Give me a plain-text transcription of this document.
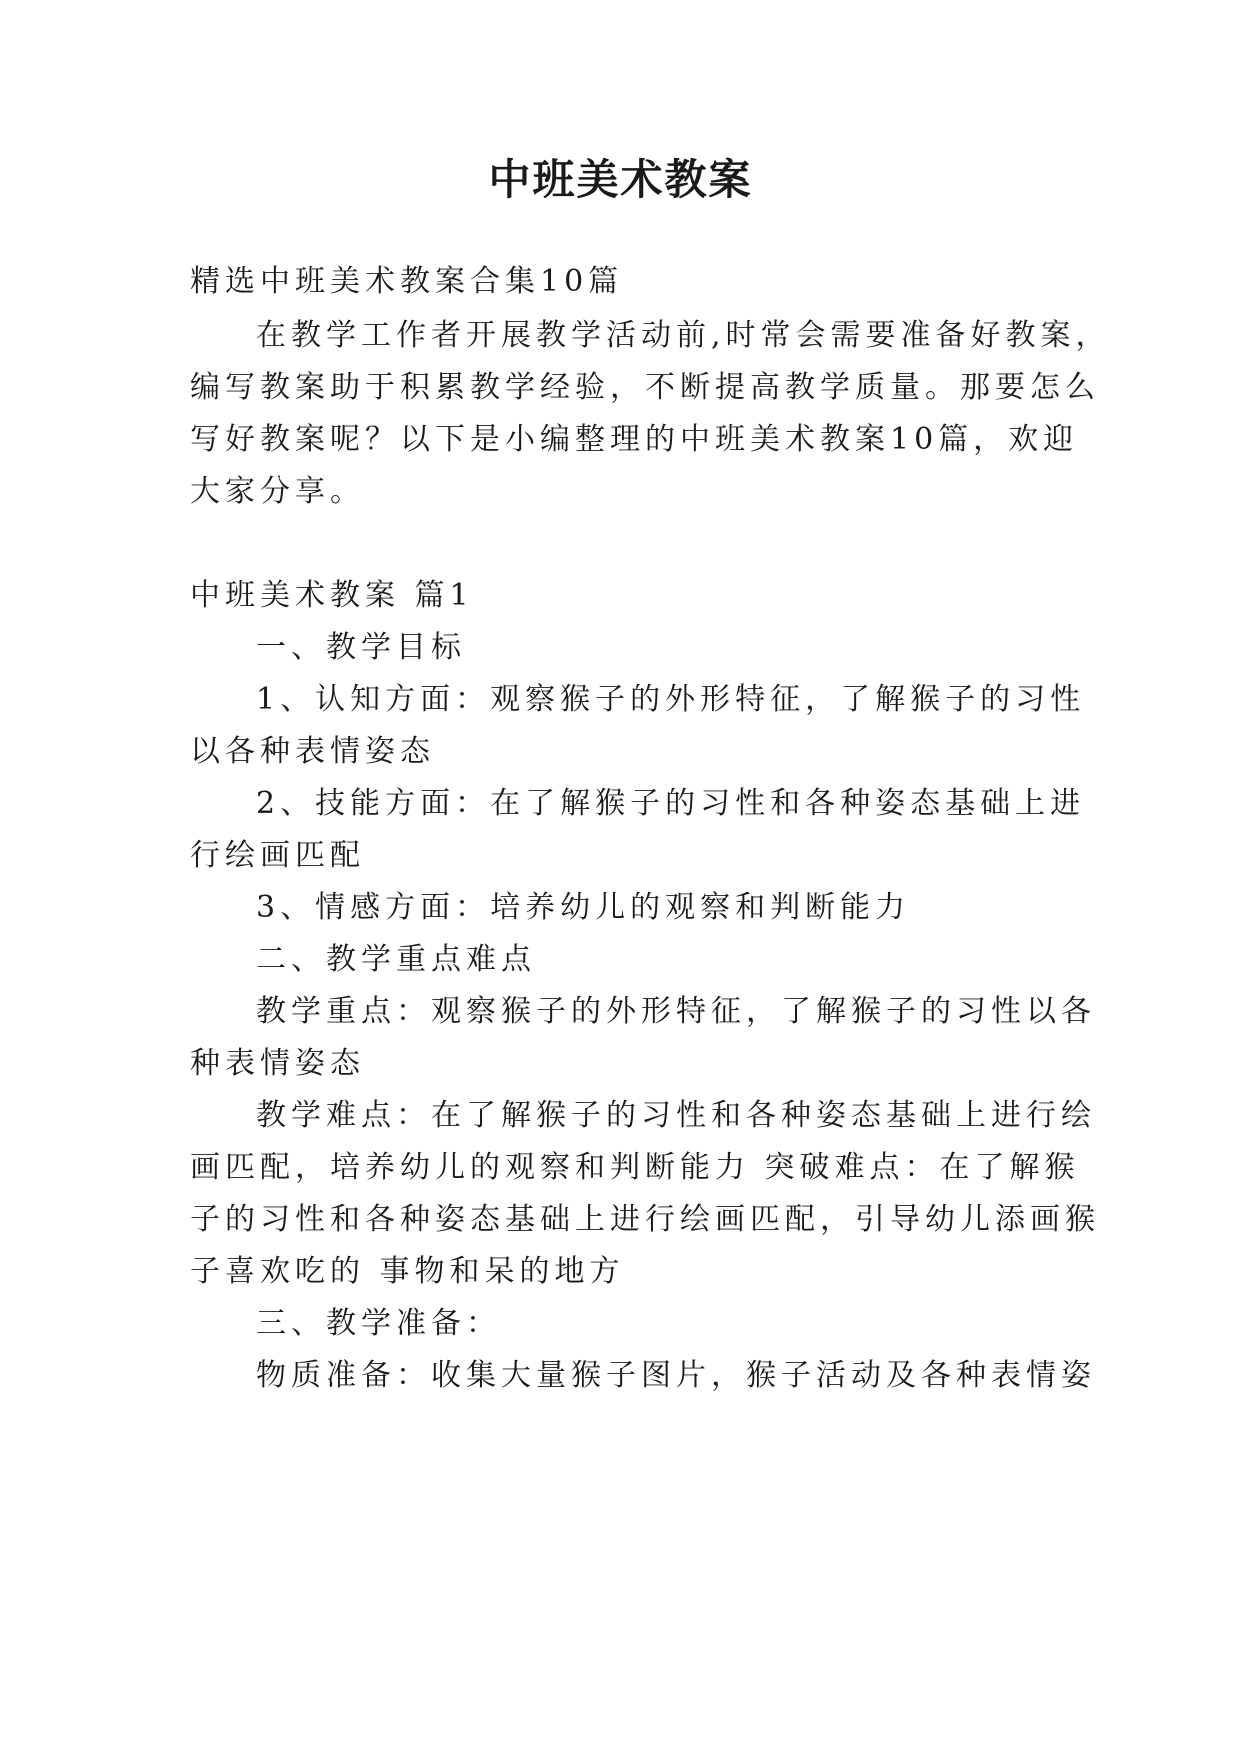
中班美术教案

精选中班美术教案合集10篇

在教学工作者开展教学活动前,时常会需要准备好教案，

编写教案助于积累教学经验，不断提高教学质量。那要怎么

写好教案呢？以下是小编整理的中班美术教案10篇，欢迎

大家分享。

中班美术教案 篇1

一、教学目标

1、认知方面：观察猴子的外形特征，了解猴子的习性

以各种表情姿态

2、技能方面：在了解猴子的习性和各种姿态基础上进

行绘画匹配

3、情感方面：培养幼儿的观察和判断能力

二、教学重点难点

教学重点：观察猴子的外形特征，了解猴子的习性以各

种表情姿态

教学难点：在了解猴子的习性和各种姿态基础上进行绘

画匹配，培养幼儿的观察和判断能力 突破难点：在了解猴

子的习性和各种姿态基础上进行绘画匹配，引导幼儿添画猴

子喜欢吃的 事物和呆的地方

三、教学准备：

物质准备：收集大量猴子图片，猴子活动及各种表情姿
